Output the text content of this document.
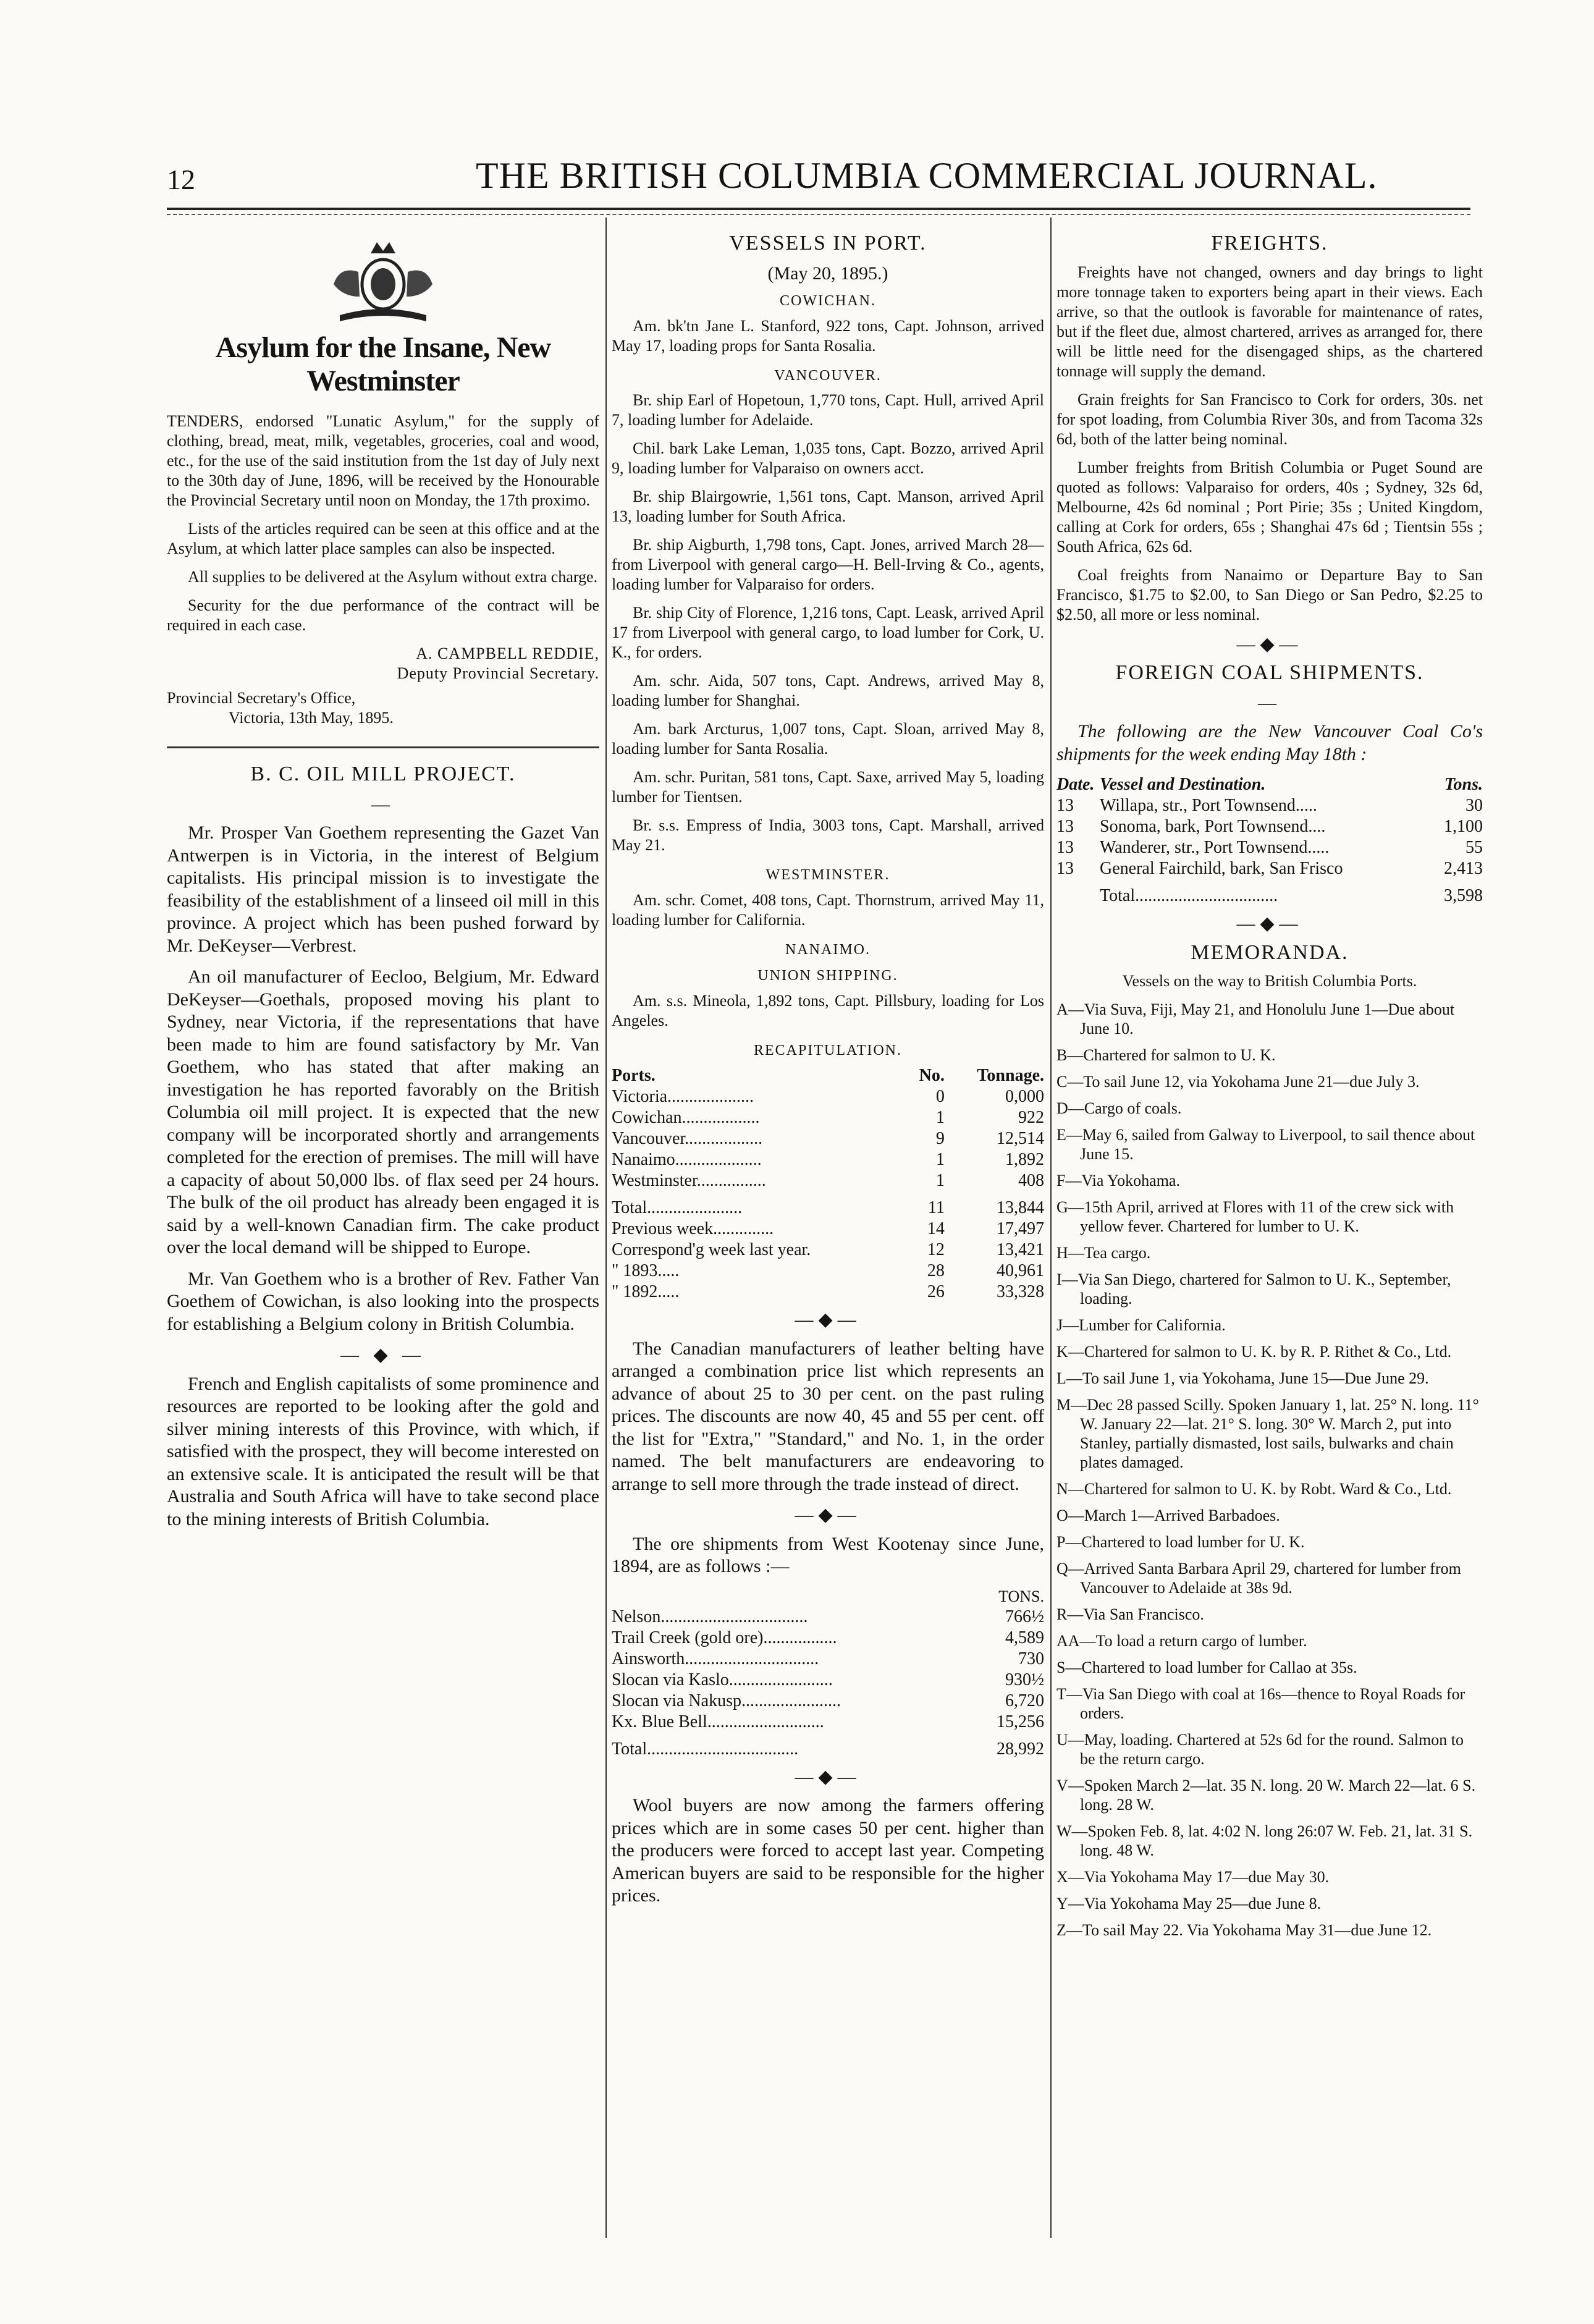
12	THE BRITISH COLUMBIA COMMERCIAL JOURNAL.
Asylum for the Insane, New Westminster

TENDERS, endorsed "Lunatic Asylum," for the supply of clothing, bread, meat, milk, vegetables, groceries, coal and wood, etc., for the use of the said institution from the 1st day of July next to the 30th day of June, 1896, will be received by the Honourable the Provincial Secretary until noon on Monday, the 17th proximo.

Lists of the articles required can be seen at this office and at the Asylum, at which latter place samples can also be inspected.

All supplies to be delivered at the Asylum without extra charge.

Security for the due performance of the contract will be required in each case.

A. CAMPBELL REDDIE,
Deputy Provincial Secretary.
Provincial Secretary's Office,
Victoria, 13th May, 1895.
B. C. OIL MILL PROJECT.
—

Mr. Prosper Van Goethem representing the Gazet Van Antwerpen is in Victoria, in the interest of Belgium capitalists. His principal mission is to investigate the feasibility of the establishment of a linseed oil mill in this province. A project which has been pushed forward by Mr. DeKeyser—Verbrest.

An oil manufacturer of Eecloo, Belgium, Mr. Edward DeKeyser—Goethals, proposed moving his plant to Sydney, near Victoria, if the representations that have been made to him are found satisfactory by Mr. Van Goethem, who has stated that after making an investigation he has reported favorably on the British Columbia oil mill project. It is expected that the new company will be incorporated shortly and arrangements completed for the erection of premises. The mill will have a capacity of about 50,000 lbs. of flax seed per 24 hours. The bulk of the oil product has already been engaged it is said by a well-known Canadian firm. The cake product over the local demand will be shipped to Europe.

Mr. Van Goethem who is a brother of Rev. Father Van Goethem of Cowichan, is also looking into the prospects for establishing a Belgium colony in British Columbia.

— ◆ —

French and English capitalists of some prominence and resources are reported to be looking after the gold and silver mining interests of this Province, with which, if satisfied with the prospect, they will become interested on an extensive scale. It is anticipated the result will be that Australia and South Africa will have to take second place to the mining interests of British Columbia.

VESSELS IN PORT.
(May 20, 1895.)
COWICHAN.

Am. bk'tn Jane L. Stanford, 922 tons, Capt. Johnson, arrived May 17, loading props for Santa Rosalia.

VANCOUVER.

Br. ship Earl of Hopetoun, 1,770 tons, Capt. Hull, arrived April 7, loading lumber for Adelaide.

Chil. bark Lake Leman, 1,035 tons, Capt. Bozzo, arrived April 9, loading lumber for Valparaiso on owners acct.

Br. ship Blairgowrie, 1,561 tons, Capt. Manson, arrived April 13, loading lumber for South Africa.

Br. ship Aigburth, 1,798 tons, Capt. Jones, arrived March 28—from Liverpool with general cargo—H. Bell-Irving & Co., agents, loading lumber for Valparaiso for orders.

Br. ship City of Florence, 1,216 tons, Capt. Leask, arrived April 17 from Liverpool with general cargo, to load lumber for Cork, U. K., for orders.

Am. schr. Aida, 507 tons, Capt. Andrews, arrived May 8, loading lumber for Shanghai.

Am. bark Arcturus, 1,007 tons, Capt. Sloan, arrived May 8, loading lumber for Santa Rosalia.

Am. schr. Puritan, 581 tons, Capt. Saxe, arrived May 5, loading lumber for Tientsen.

Br. s.s. Empress of India, 3003 tons, Capt. Marshall, arrived May 21.

WESTMINSTER.

Am. schr. Comet, 408 tons, Capt. Thornstrum, arrived May 11, loading lumber for California.

NANAIMO.
UNION SHIPPING.

Am. s.s. Mineola, 1,892 tons, Capt. Pillsbury, loading for Los Angeles.

RECAPITULATION.
Ports.	No.	Tonnage.
Victoria....................	0	0,000
Cowichan..................	1	922
Vancouver..................	9	12,514
Nanaimo....................	1	1,892
Westminster................	1	408

Total......................	11	13,844
Previous week..............	14	17,497
Correspond'g week last year.	12	13,421
" 1893.....	28	40,961
" 1892.....	26	33,328
—◆—

The Canadian manufacturers of leather belting have arranged a combination price list which represents an advance of about 25 to 30 per cent. on the past ruling prices. The discounts are now 40, 45 and 55 per cent. off the list for "Extra," "Standard," and No. 1, in the order named. The belt manufacturers are endeavoring to arrange to sell more through the trade instead of direct.

—◆—

The ore shipments from West Kootenay since June, 1894, are as follows :—

TONS.
Nelson..................................	766½
Trail Creek (gold ore).................	4,589
Ainsworth...............................	730
Slocan via Kaslo........................	930½
Slocan via Nakusp.......................	6,720
Kx. Blue Bell...........................	15,256
Total...................................	28,992
—◆—

Wool buyers are now among the farmers offering prices which are in some cases 50 per cent. higher than the producers were forced to accept last year. Competing American buyers are said to be responsible for the higher prices.

FREIGHTS.

Freights have not changed, owners and day brings to light more tonnage taken to exporters being apart in their views. Each arrive, so that the outlook is favorable for maintenance of rates, but if the fleet due, almost chartered, arrives as arranged for, there will be little need for the disengaged ships, as the chartered tonnage will supply the demand.

Grain freights for San Francisco to Cork for orders, 30s. net for spot loading, from Columbia River 30s, and from Tacoma 32s 6d, both of the latter being nominal.

Lumber freights from British Columbia or Puget Sound are quoted as follows: Valparaiso for orders, 40s ; Sydney, 32s 6d, Melbourne, 42s 6d nominal ; Port Pirie; 35s ; United Kingdom, calling at Cork for orders, 65s ; Shanghai 47s 6d ; Tientsin 55s ; South Africa, 62s 6d.

Coal freights from Nanaimo or Departure Bay to San Francisco, $1.75 to $2.00, to San Diego or San Pedro, $2.25 to $2.50, all more or less nominal.

—◆—
FOREIGN COAL SHIPMENTS.
—

The following are the New Vancouver Coal Co's shipments for the week ending May 18th :

Date.	Vessel and Destination.	Tons.
13	Willapa, str., Port Townsend.....	30
13	Sonoma, bark, Port Townsend....	1,100
13	Wanderer, str., Port Townsend.....	55
13	General Fairchild, bark, San Frisco	2,413
	Total.................................	3,598
—◆—
MEMORANDA.
Vessels on the way to British Columbia Ports.
A—Via Suva, Fiji, May 21, and Honolulu June 1—Due about June 10.
B—Chartered for salmon to U. K.
C—To sail June 12, via Yokohama June 21—due July 3.
D—Cargo of coals.
E—May 6, sailed from Galway to Liverpool, to sail thence about June 15.
F—Via Yokohama.
G—15th April, arrived at Flores with 11 of the crew sick with yellow fever. Chartered for lumber to U. K.
H—Tea cargo.
I—Via San Diego, chartered for Salmon to U. K., September, loading.
J—Lumber for California.
K—Chartered for salmon to U. K. by R. P. Rithet & Co., Ltd.
L—To sail June 1, via Yokohama, June 15—Due June 29.
M—Dec 28 passed Scilly. Spoken January 1, lat. 25° N. long. 11° W. January 22—lat. 21° S. long. 30° W. March 2, put into Stanley, partially dismasted, lost sails, bulwarks and chain plates damaged.
N—Chartered for salmon to U. K. by Robt. Ward & Co., Ltd.
O—March 1—Arrived Barbadoes.
P—Chartered to load lumber for U. K.
Q—Arrived Santa Barbara April 29, chartered for lumber from Vancouver to Adelaide at 38s 9d.
R—Via San Francisco.
AA—To load a return cargo of lumber.
S—Chartered to load lumber for Callao at 35s.
T—Via San Diego with coal at 16s—thence to Royal Roads for orders.
U—May, loading. Chartered at 52s 6d for the round. Salmon to be the return cargo.
V—Spoken March 2—lat. 35 N. long. 20 W. March 22—lat. 6 S. long. 28 W.
W—Spoken Feb. 8, lat. 4:02 N. long 26:07 W. Feb. 21, lat. 31 S. long. 48 W.
X—Via Yokohama May 17—due May 30.
Y—Via Yokohama May 25—due June 8.
Z—To sail May 22. Via Yokohama May 31—due June 12.
